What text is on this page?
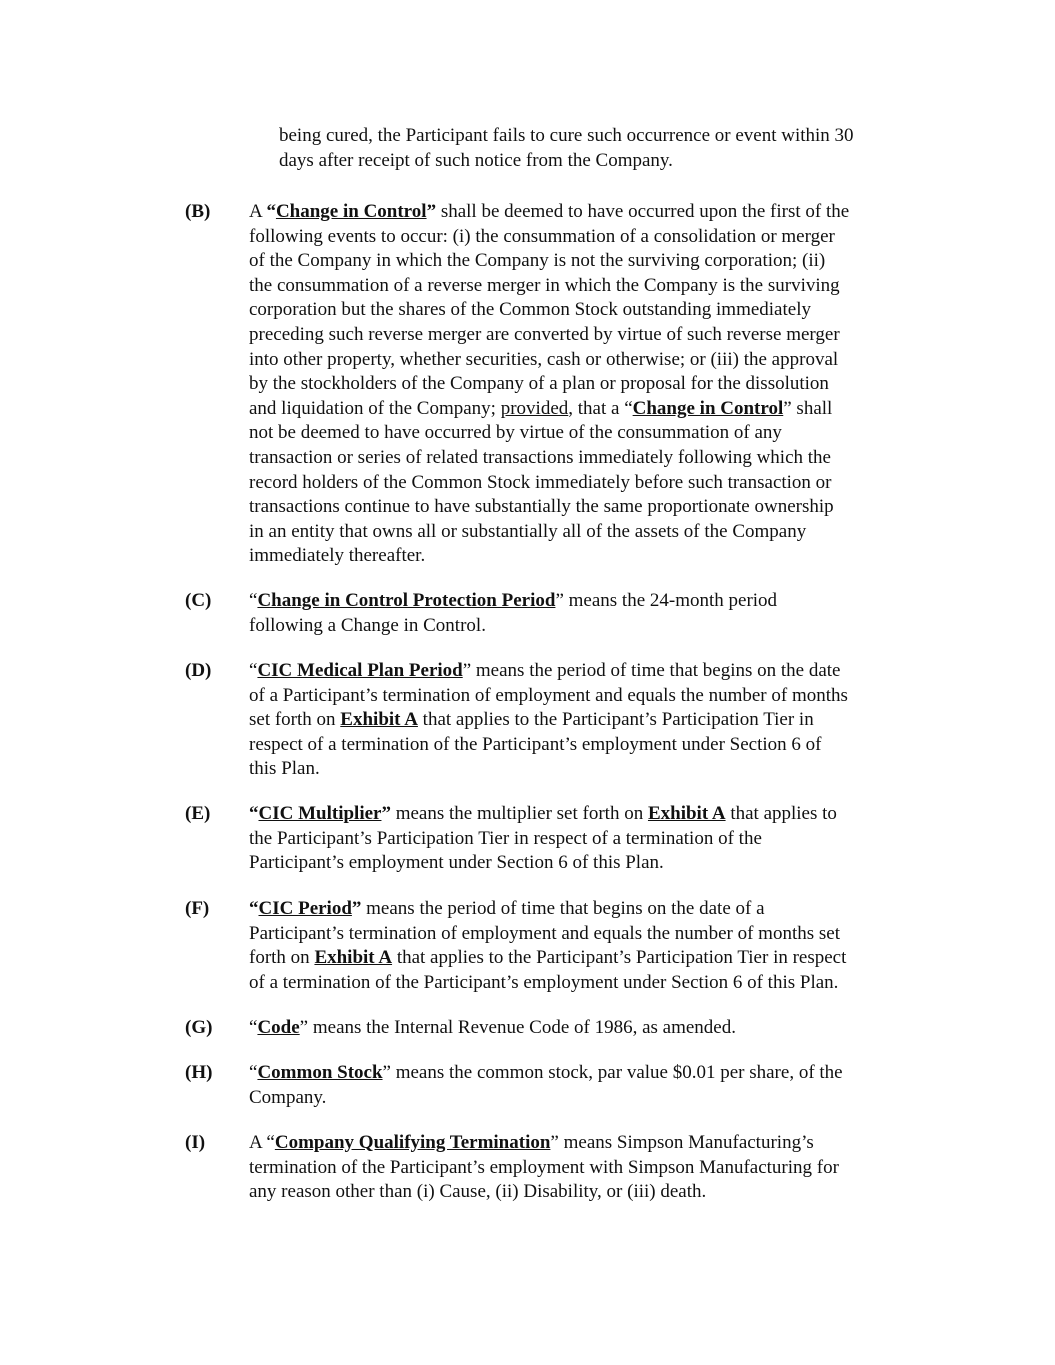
being cured, the Participant fails to cure such occurrence or event within 30
days after receipt of such notice from the Company.
(B) A “Change in Control” shall be deemed to have occurred upon the first of the
following events to occur: (i) the consummation of a consolidation or merger
of the Company in which the Company is not the surviving corporation; (ii)
the consummation of a reverse merger in which the Company is the surviving
corporation but the shares of the Common Stock outstanding immediately
preceding such reverse merger are converted by virtue of such reverse merger
into other property, whether securities, cash or otherwise; or (iii) the approval
by the stockholders of the Company of a plan or proposal for the dissolution
and liquidation of the Company; provided, that a “Change in Control” shall
not be deemed to have occurred by virtue of the consummation of any
transaction or series of related transactions immediately following which the
record holders of the Common Stock immediately before such transaction or
transactions continue to have substantially the same proportionate ownership
in an entity that owns all or substantially all of the assets of the Company
immediately thereafter.
(C) “Change in Control Protection Period” means the 24-month period
following a Change in Control.
(D) “CIC Medical Plan Period” means the period of time that begins on the date
of a Participant’s termination of employment and equals the number of months
set forth on Exhibit A that applies to the Participant’s Participation Tier in
respect of a termination of the Participant’s employment under Section 6 of
this Plan.
(E) “CIC Multiplier” means the multiplier set forth on Exhibit A that applies to
the Participant’s Participation Tier in respect of a termination of the
Participant’s employment under Section 6 of this Plan.
(F) “CIC Period” means the period of time that begins on the date of a
Participant’s termination of employment and equals the number of months set
forth on Exhibit A that applies to the Participant’s Participation Tier in respect
of a termination of the Participant’s employment under Section 6 of this Plan.
(G) “Code” means the Internal Revenue Code of 1986, as amended.
(H) “Common Stock” means the common stock, par value $0.01 per share, of the
Company.
(I) A “Company Qualifying Termination” means Simpson Manufacturing’s
termination of the Participant’s employment with Simpson Manufacturing for
any reason other than (i) Cause, (ii) Disability, or (iii) death.
